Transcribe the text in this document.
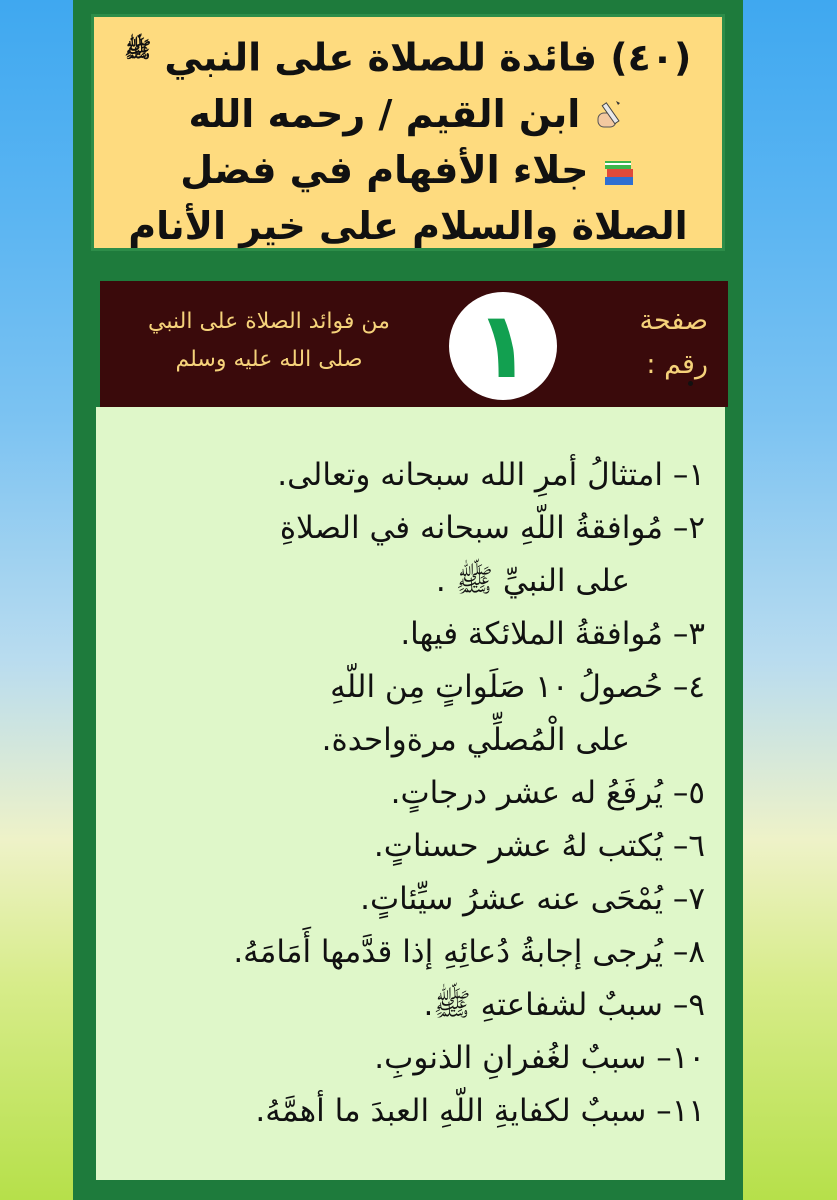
(٤٠) فائدة للصلاة على النبي $^ﷺ$
ابن القيم / رحمه الله
جلاء الأفهام في فضل
الصلاة والسلام على خير الأنام
صفحة
رقم :
١
من فوائد الصلاة على النبي
صلى الله عليه وسلم
١– امتثالُ أمرِ الله سبحانه وتعالى.
٢– مُوافقةُ اللّهِ سبحانه في الصلاةِ
على النبيِّ ﷺ .
٣– مُوافقةُ الملائكة فيها.
٤– حُصولُ ١٠ صَلَواتٍ مِن اللّهِ
على الْمُصلِّي مرةواحدة.
٥– يُرفَعُ له عشر درجاتٍ.
٦– يُكتب لهُ عشر حسناتٍ.
٧– يُمْحَى عنه عشرُ سيِّئاتٍ.
٨– يُرجى إجابةُ دُعائِهِ إذا قدَّمها أَمَامَهُ.
٩– سببٌ لشفاعتهِ ﷺ.
١٠– سببٌ لغُفرانِ الذنوبِ.
١١– سببٌ لكفايةِ اللّهِ العبدَ ما أهمَّهُ.
